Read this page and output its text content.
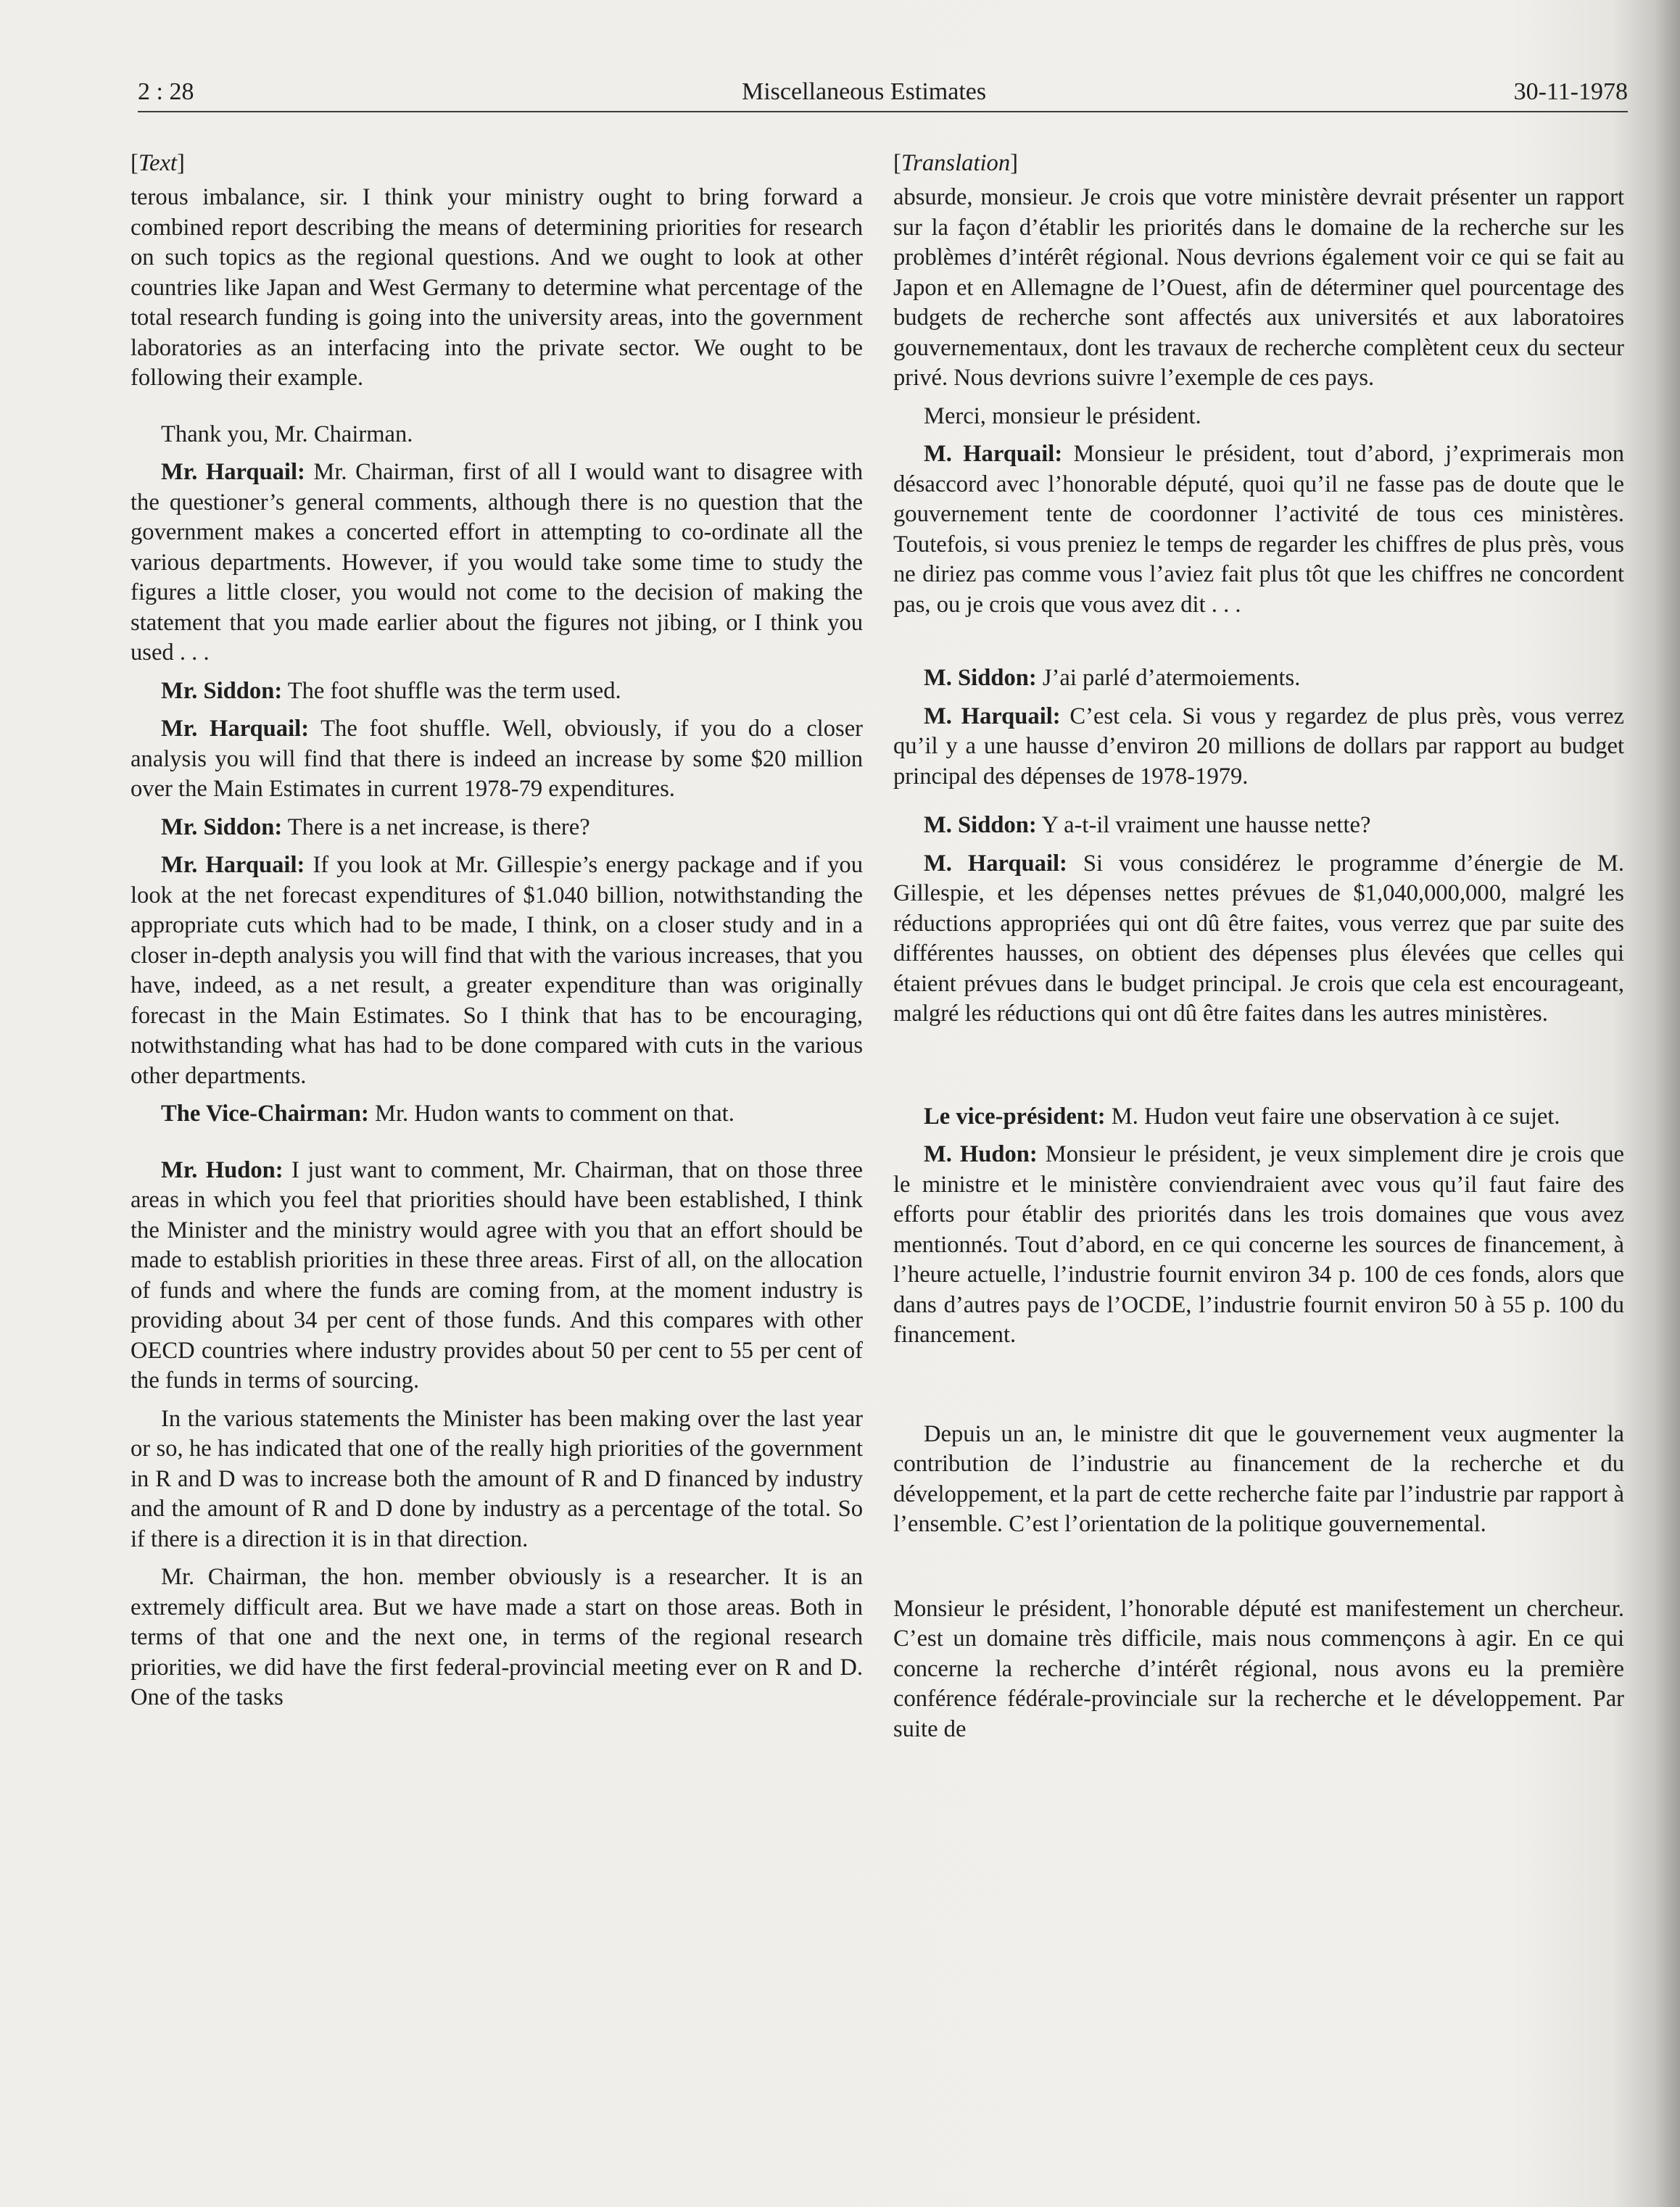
2 : 28	Miscellaneous Estimates	30-11-1978

[Text]

terous imbalance, sir. I think your ministry ought to bring forward a combined report describing the means of determining priorities for research on such topics as the regional questions. And we ought to look at other countries like Japan and West Germany to determine what percentage of the total research funding is going into the university areas, into the government laboratories as an interfacing into the private sector. We ought to be following their example.

Thank you, Mr. Chairman.

Mr. Harquail: Mr. Chairman, first of all I would want to disagree with the questioner’s general comments, although there is no question that the government makes a concerted effort in attempting to co-ordinate all the various departments. However, if you would take some time to study the figures a little closer, you would not come to the decision of making the statement that you made earlier about the figures not jibing, or I think you used . . .

Mr. Siddon: The foot shuffle was the term used.

Mr. Harquail: The foot shuffle. Well, obviously, if you do a closer analysis you will find that there is indeed an increase by some $20 million over the Main Estimates in current 1978-79 expenditures.

Mr. Siddon: There is a net increase, is there?

Mr. Harquail: If you look at Mr. Gillespie’s energy package and if you look at the net forecast expenditures of $1.040 billion, notwithstanding the appropriate cuts which had to be made, I think, on a closer study and in a closer in-depth analysis you will find that with the various increases, that you have, indeed, as a net result, a greater expenditure than was originally forecast in the Main Estimates. So I think that has to be encouraging, notwithstanding what has had to be done compared with cuts in the various other departments.

The Vice-Chairman: Mr. Hudon wants to comment on that.

Mr. Hudon: I just want to comment, Mr. Chairman, that on those three areas in which you feel that priorities should have been established, I think the Minister and the ministry would agree with you that an effort should be made to establish priorities in these three areas. First of all, on the allocation of funds and where the funds are coming from, at the moment industry is providing about 34 per cent of those funds. And this compares with other OECD countries where industry provides about 50 per cent to 55 per cent of the funds in terms of sourcing.

In the various statements the Minister has been making over the last year or so, he has indicated that one of the really high priorities of the government in R and D was to increase both the amount of R and D financed by industry and the amount of R and D done by industry as a percentage of the total. So if there is a direction it is in that direction.

Mr. Chairman, the hon. member obviously is a researcher. It is an extremely difficult area. But we have made a start on those areas. Both in terms of that one and the next one, in terms of the regional research priorities, we did have the first federal-provincial meeting ever on R and D. One of the tasks

[Translation]

absurde, monsieur. Je crois que votre ministère devrait présenter un rapport sur la façon d’établir les priorités dans le domaine de la recherche sur les problèmes d’intérêt régional. Nous devrions également voir ce qui se fait au Japon et en Allemagne de l’Ouest, afin de déterminer quel pourcentage des budgets de recherche sont affectés aux universités et aux laboratoires gouvernementaux, dont les travaux de recherche complètent ceux du secteur privé. Nous devrions suivre l’exemple de ces pays.

Merci, monsieur le président.

M. Harquail: Monsieur le président, tout d’abord, j’exprimerais mon désaccord avec l’honorable député, quoi qu’il ne fasse pas de doute que le gouvernement tente de coordonner l’activité de tous ces ministères. Toutefois, si vous preniez le temps de regarder les chiffres de plus près, vous ne diriez pas comme vous l’aviez fait plus tôt que les chiffres ne concordent pas, ou je crois que vous avez dit . . .

M. Siddon: J’ai parlé d’atermoiements.

M. Harquail: C’est cela. Si vous y regardez de plus près, vous verrez qu’il y a une hausse d’environ 20 millions de dollars par rapport au budget principal des dépenses de 1978-1979.

M. Siddon: Y a-t-il vraiment une hausse nette?

M. Harquail: Si vous considérez le programme d’énergie de M. Gillespie, et les dépenses nettes prévues de $1,040,000,000, malgré les réductions appropriées qui ont dû être faites, vous verrez que par suite des différentes hausses, on obtient des dépenses plus élevées que celles qui étaient prévues dans le budget principal. Je crois que cela est encourageant, malgré les réductions qui ont dû être faites dans les autres ministères.

Le vice-président: M. Hudon veut faire une observation à ce sujet.

M. Hudon: Monsieur le président, je veux simplement dire je crois que le ministre et le ministère conviendraient avec vous qu’il faut faire des efforts pour établir des priorités dans les trois domaines que vous avez mentionnés. Tout d’abord, en ce qui concerne les sources de financement, à l’heure actuelle, l’industrie fournit environ 34 p. 100 de ces fonds, alors que dans d’autres pays de l’OCDE, l’industrie fournit environ 50 à 55 p. 100 du financement.

Depuis un an, le ministre dit que le gouvernement veux augmenter la contribution de l’industrie au financement de la recherche et du développement, et la part de cette recherche faite par l’industrie par rapport à l’ensemble. C’est l’orientation de la politique gouvernemental.

Monsieur le président, l’honorable député est manifestement un chercheur. C’est un domaine très difficile, mais nous commençons à agir. En ce qui concerne la recherche d’intérêt régional, nous avons eu la première conférence fédérale-provinciale sur la recherche et le développement. Par suite de
